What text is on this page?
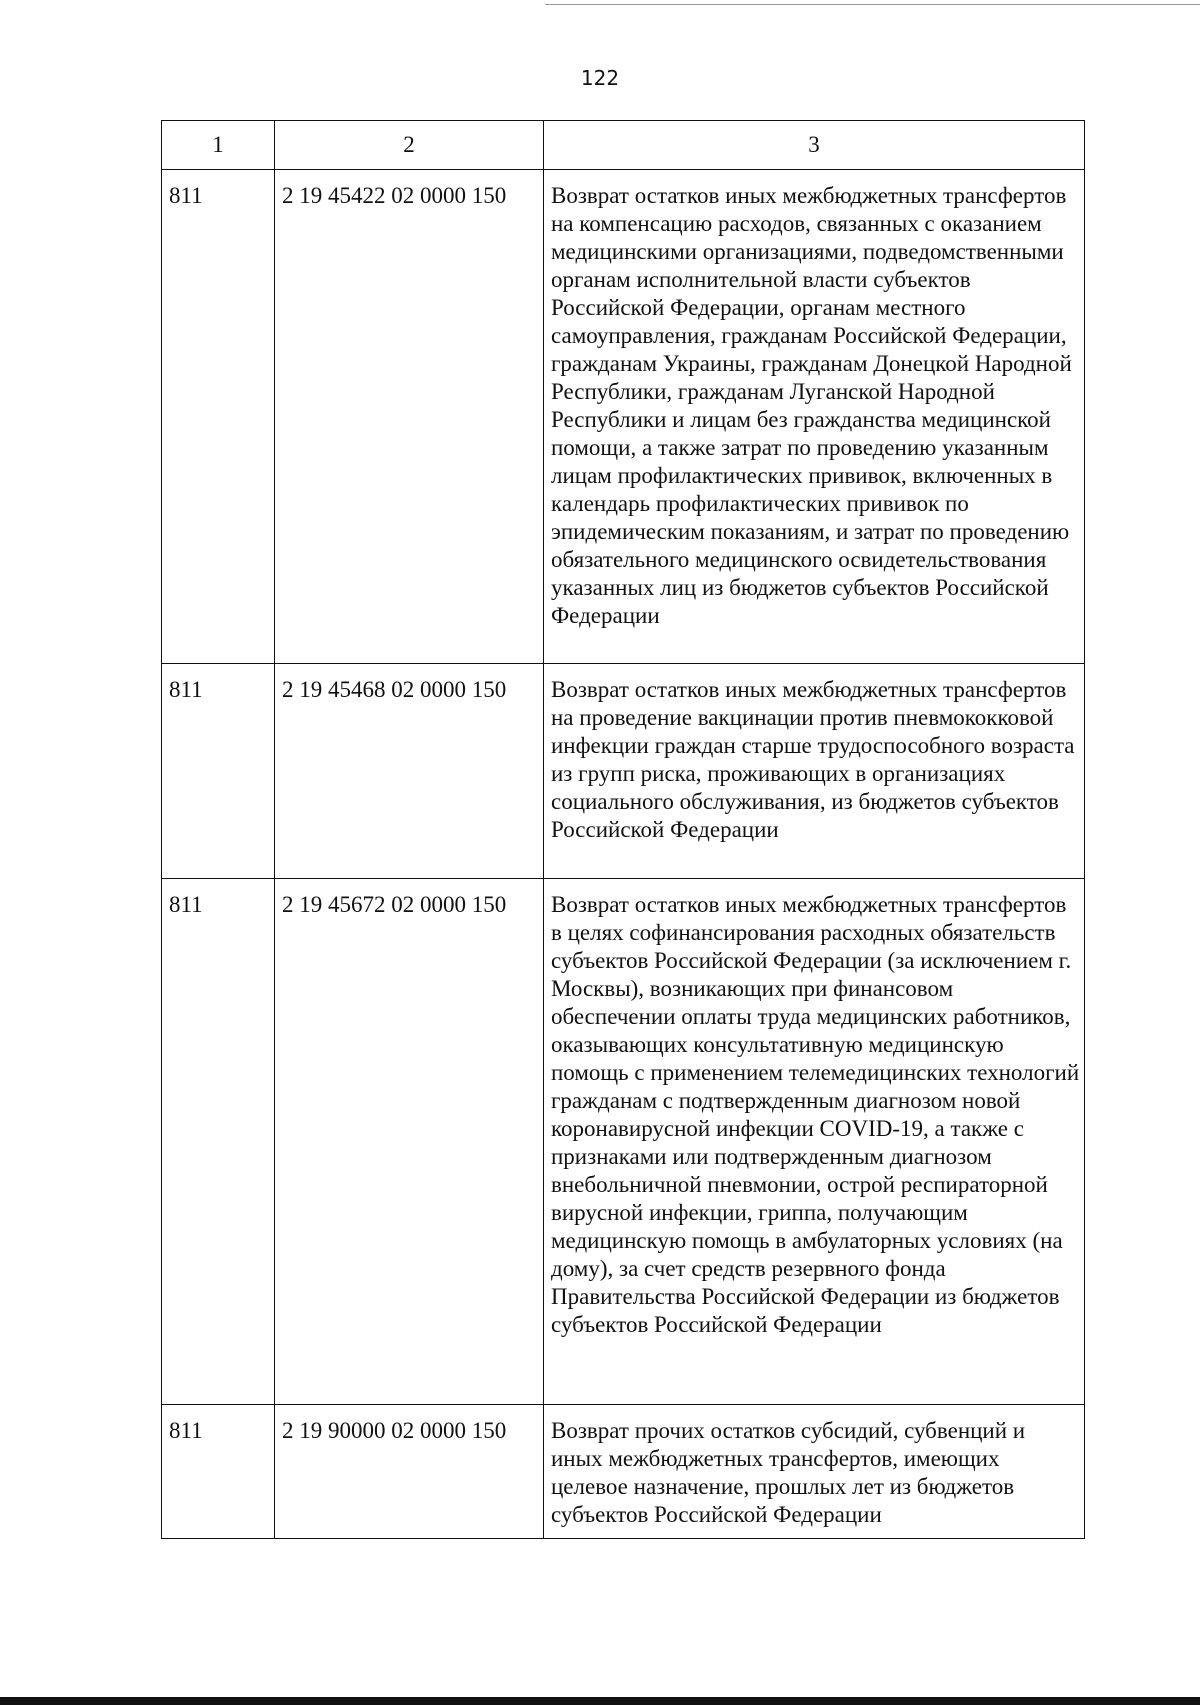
122
1	2	3
811	2 19 45422 02 0000 150	Возврат остатков иных межбюджетных трансфертов на компенсацию расходов, связанных с оказанием медицинскими организациями, подведомственными органам исполнительной власти субъектов Российской Федерации, органам местного самоуправления, гражданам Российской Федерации, гражданам Украины, гражданам Донецкой Народной Республики, гражданам Луганской Народной Республики и лицам без гражданства медицинской помощи, а также затрат по проведению указанным лицам профилактических прививок, включенных в календарь профилактических прививок по эпидемическим показаниям, и затрат по проведению обязательного медицинского освидетельствования указанных лиц из бюджетов субъектов Российской Федерации
811	2 19 45468 02 0000 150	Возврат остатков иных межбюджетных трансфертов на проведение вакцинации против пневмококковой инфекции граждан старше трудоспособного возраста из групп риска, проживающих в организациях социального обслуживания, из бюджетов субъектов Российской Федерации
811	2 19 45672 02 0000 150	Возврат остатков иных межбюджетных трансфертов в целях софинансирования расходных обязательств субъектов Российской Федерации (за исключением г. Москвы), возникающих при финансовом обеспечении оплаты труда медицинских работников, оказывающих консультативную медицинскую помощь с применением телемедицинских технологий гражданам с подтвержденным диагнозом новой коронавирусной инфекции COVID-19, а также с признаками или подтвержденным диагнозом внебольничной пневмонии, острой респираторной вирусной инфекции, гриппа, получающим медицинскую помощь в амбулаторных условиях (на дому), за счет средств резервного фонда Правительства Российской Федерации из бюджетов субъектов Российской Федерации
811	2 19 90000 02 0000 150	Возврат прочих остатков субсидий, субвенций и иных межбюджетных трансфертов, имеющих целевое назначение, прошлых лет из бюджетов субъектов Российской Федерации
